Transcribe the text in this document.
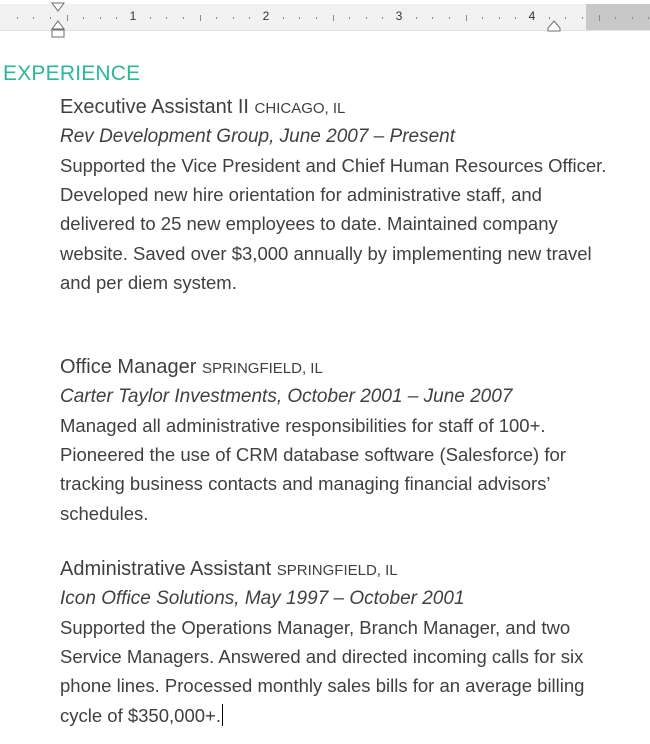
1	2	3	4
EXPERIENCE
Executive Assistant II CHICAGO, IL
Rev Development Group, June 2007 – Present

Supported the Vice President and Chief Human Resources Officer. Developed new hire orientation for administrative staff, and delivered to 25 new employees to date. Maintained company website. Saved over $3,000 annually by implementing new travel and per diem system.

Office Manager SPRINGFIELD, IL
Carter Taylor Investments, October 2001 – June 2007

Managed all administrative responsibilities for staff of 100+. Pioneered the use of CRM database software (Salesforce) for tracking business contacts and managing financial advisors’ schedules.

Administrative Assistant SPRINGFIELD, IL
Icon Office Solutions, May 1997 – October 2001

Supported the Operations Manager, Branch Manager, and two Service Managers. Answered and directed incoming calls for six phone lines. Processed monthly sales bills for an average billing cycle of $350,000+.
